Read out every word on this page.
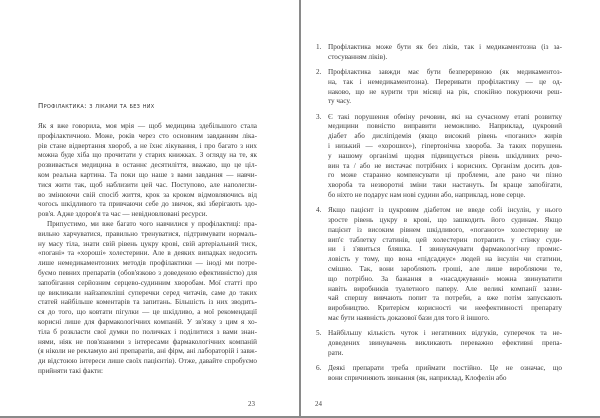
Профілактика: з ліками та без них
Як я вже говорила, моя мрія — щоб медицина здебільшого стала
профілактичною. Може, років через сто основним завданням ліка-
рів стане відвертання хвороб, а не їхнє лікування, і про багато з них
можна буде хіба що прочитати у старих книжках. З огляду на те, як
розвивається медицина в останнє десятиліття, вважаю, що це ціл-
ком реальна картина. Та поки що наше з вами завдання — навчи-
тися жити так, щоб наблизити цей час. Поступово, але наполегли-
во змінюючи свій спосіб життя, крок за кроком відмовляючись від
чогось шкідливого та привчаючи себе до звичок, які зберігають здо-
ров'я. Адже здоров'я та час — невідновлювані ресурси.
Припустимо, ми вже багато чого навчилися у профілактиці: пра-
вильно харчуватися, правильно тренуватися, підтримувати нормаль-
ну масу тіла, знати свій рівень цукру крові, свій артеріальний тиск,
«погані» та «хороші» холестерини. Але в деяких випадках недосить
лише немедикаментозних методів профілактики — іноді ми потре-
буємо певних препаратів (обов'язково з доведеною ефективністю) для
запобігання серйозним серцево-судинним хворобам. Мої статті про
це викликали найзапекліші суперечки серед читачів, саме до таких
статей найбільше коментарів та запитань. Більшість із них зводить-
ся до того, що ковтати пігулки — це шкідливо, а мої рекомендації
корисні лише для фармакологічних компаній. У зв'язку з цим я хо-
тіла б розкласти свої думки по поличках і поділитися з вами знан-
нями, ніяк не пов'язаними з інтересами фармакологічних компаній
(я ніколи не рекламую ані препаратів, ані фірм, ані лабораторій і завж-
ди відстоюю інтереси лише своїх пацієнтів). Отже, давайте спробуємо
прийняти такі факти:
23
1. Профілактика може бути як без ліків, так і медикаментозна (із за-
стосуванням ліків).
2. Профілактика завжди має бути безперервною (як медикаментоз-
на, так і немедикаментозна). Переривати профілактику — це од-
наково, що не курити три місяці на рік, спокійно покурюючи реш-
ту часу.
3. Є такі порушення обміну речовин, які на сучасному етапі розвитку
медицини повністю виправити неможливо. Наприклад, цукровий
діабет або дисліпідемія (якщо високий рівень «поганих» жирів
і низький — «хороших»), гіпертонічна хвороба. За таких порушень
у нашому організмі щодня підвищується рівень шкідливих речо-
вин та / або не вистачає потрібних і корисних. Організм досить дов-
го може старанно компенсувати ці проблеми, але рано чи пізно
хвороба та незворотні зміни таки настануть. Їм краще запобігати,
бо ніхто не подарує нам нові судини або, наприклад, нове серце.
4. Якщо пацієнт із цукровим діабетом не введе собі інсулін, у нього
зросте рівень цукру в крові, що зашкодить його судинам. Якщо
пацієнт із високим рівнем шкідливого, «поганого» холестерину не
вип'є таблетку статинів, цей холестерин потрапить у стінку суди-
ни і з'явиться бляшка. І звинувачувати фармакологічну промис-
ловість у тому, що вона «підсаджує» людей на інсулін чи статини,
смішно. Так, вони заробляють гроші, але лише виробляючи те,
що потрібно. За бажання в «насаджуванні» можна звинуватити
навіть виробників туалетного паперу. Але великі компанії зазви-
чай спершу вивчають попит та потреби, а вже потім запускають
виробництво. Критерієм корисності чи неефективності препарату
має бути наявність доказової бази для того й іншого.
5. Найбільшу кількість чуток і негативних відгуків, суперечок та не-
доведених звинувачень викликають переважно ефективні препа-
рати.
6. Деякі препарати треба приймати постійно. Це не означає, що
вони спричиняють звикання (як, наприклад, Клофелін або
24
